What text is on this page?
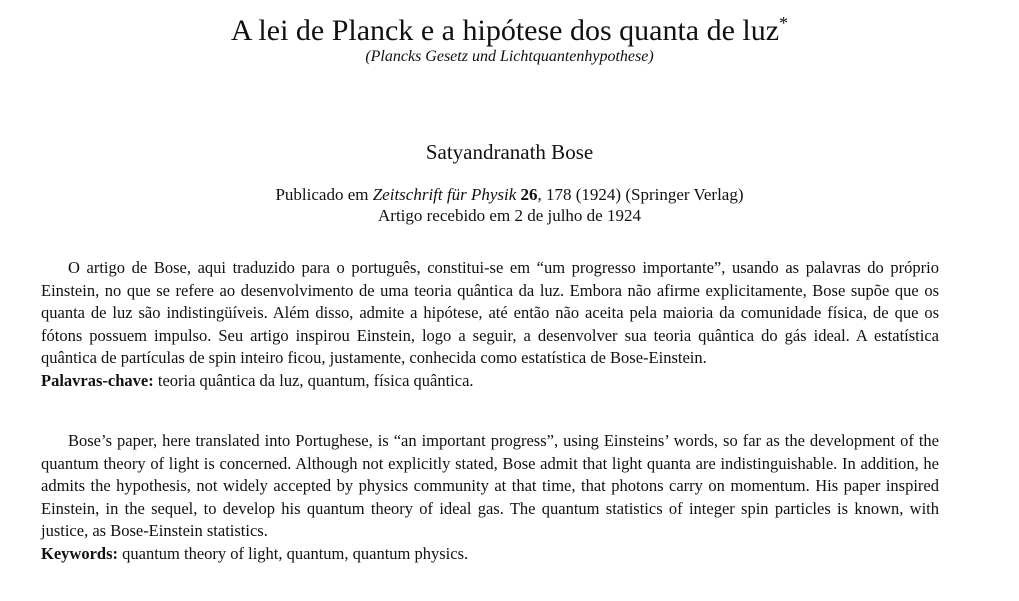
A lei de Planck e a hipótese dos quanta de luz*
(Plancks Gesetz und Lichtquantenhypothese)
Satyandranath Bose
Publicado em Zeitschrift für Physik 26, 178 (1924) (Springer Verlag)
Artigo recebido em 2 de julho de 1924

O artigo de Bose, aqui traduzido para o português, constitui-se em “um progresso importante”, usando as palavras do próprio Einstein, no que se refere ao desenvolvimento de uma teoria quântica da luz. Embora não afirme explicitamente, Bose supõe que os quanta de luz são indistingüíveis. Além disso, admite a hipótese, até então não aceita pela maioria da comunidade física, de que os fótons possuem impulso. Seu artigo inspirou Einstein, logo a seguir, a desenvolver sua teoria quântica do gás ideal. A estatística quântica de partículas de spin inteiro ficou, justamente, conhecida como estatística de Bose-Einstein.
Palavras-chave: teoria quântica da luz, quantum, física quântica.

Bose’s paper, here translated into Portughese, is “an important progress”, using Einsteins’ words, so far as the development of the quantum theory of light is concerned. Although not explicitly stated, Bose admit that light quanta are indistinguishable. In addition, he admits the hypothesis, not widely accepted by physics community at that time, that photons carry on momentum. His paper inspired Einstein, in the sequel, to develop his quantum theory of ideal gas. The quantum statistics of integer spin particles is known, with justice, as Bose-Einstein statistics.
Keywords: quantum theory of light, quantum, quantum physics.
